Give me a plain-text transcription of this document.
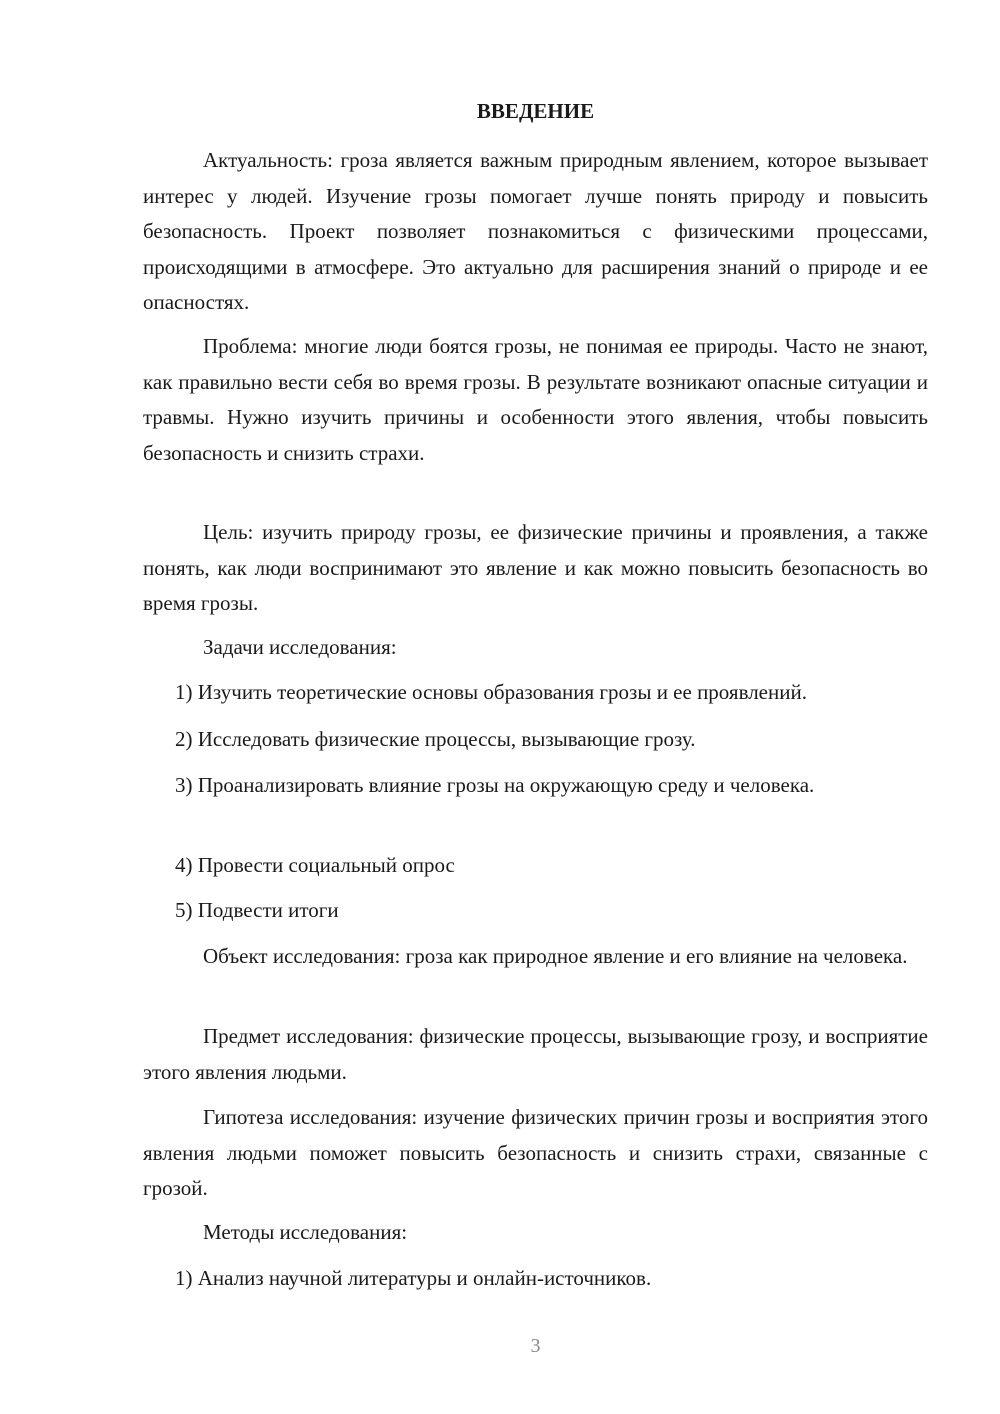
ВВЕДЕНИЕ

Актуальность: гроза является важным природным явлением, которое вызывает интерес у людей. Изучение грозы помогает лучше понять природу и повысить безопасность. Проект позволяет познакомиться с физическими процессами, происходящими в атмосфере. Это актуально для расширения знаний о природе и ее опасностях.

Проблема: многие люди боятся грозы, не понимая ее природы. Часто не знают, как правильно вести себя во время грозы. В результате возникают опасные ситуации и травмы. Нужно изучить причины и особенности этого явления, чтобы повысить безопасность и снизить страхи.

Цель: изучить природу грозы, ее физические причины и проявления, а также понять, как люди воспринимают это явление и как можно повысить безопасность во время грозы.

Задачи исследования:

1) Изучить теоретические основы образования грозы и ее проявлений.

2) Исследовать физические процессы, вызывающие грозу.

3) Проанализировать влияние грозы на окружающую среду и человека.

4) Провести социальный опрос

5) Подвести итоги

Объект исследования: гроза как природное явление и его влияние на человека.

Предмет исследования: физические процессы, вызывающие грозу, и восприятие этого явления людьми.

Гипотеза исследования: изучение физических причин грозы и восприятия этого явления людьми поможет повысить безопасность и снизить страхи, связанные с грозой.

Методы исследования:

1) Анализ научной литературы и онлайн-источников.

3
